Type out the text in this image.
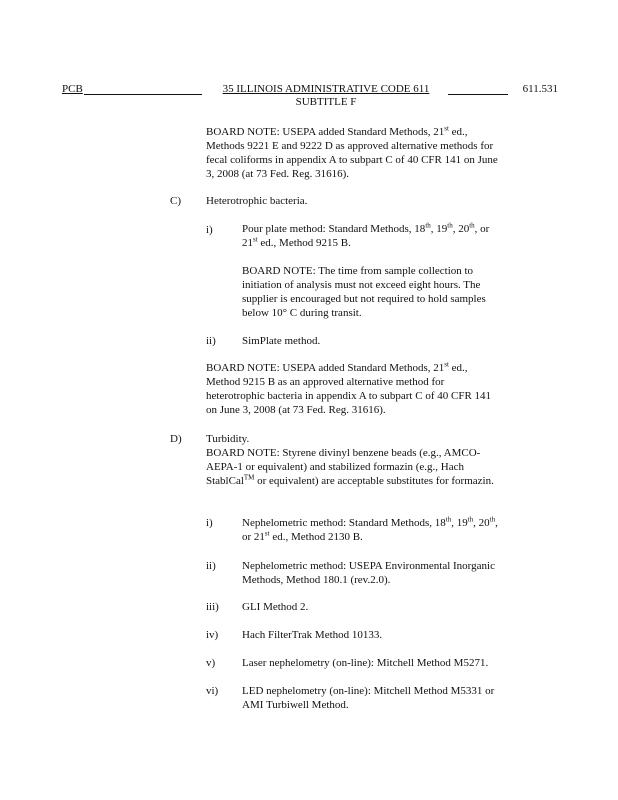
PCB	35 ILLINOIS ADMINISTRATIVE CODE 611
SUBTITLE F
611.531
BOARD NOTE: USEPA added Standard Methods, 21st ed.,
Methods 9221 E and 9222 D as approved alternative methods for
fecal coliforms in appendix A to subpart C of 40 CFR 141 on June
3, 2008 (at 73 Fed. Reg. 31616).
C) Heterotrophic bacteria.
i)	Pour plate method: Standard Methods, 18th, 19th, 20th, or
21st ed., Method 9215 B.
BOARD NOTE: The time from sample collection to
initiation of analysis must not exceed eight hours. The
supplier is encouraged but not required to hold samples
below 10° C during transit.
ii) SimPlate method.
BOARD NOTE: USEPA added Standard Methods, 21st ed.,
Method 9215 B as an approved alternative method for
heterotrophic bacteria in appendix A to subpart C of 40 CFR 141
on June 3, 2008 (at 73 Fed. Reg. 31616).
D) Turbidity.
BOARD NOTE: Styrene divinyl benzene beads (e.g., AMCO-
AEPA-1 or equivalent) and stabilized formazin (e.g., Hach
StablCal™ or equivalent) are acceptable substitutes for formazin.
i)	Nephelometric method: Standard Methods, 18th, 19th, 20th,
or 21st ed., Method 2130 B.
ii) Nephelometric method: USEPA Environmental Inorganic
Methods, Method 180.1 (rev.2.0).
iii) GLI Method 2.
iv) Hach FilterTrak Method 10133.
v) Laser nephelometry (on-line): Mitchell Method M5271.
vi) LED nephelometry (on-line): Mitchell Method M5331 or
AMI Turbiwell Method.
